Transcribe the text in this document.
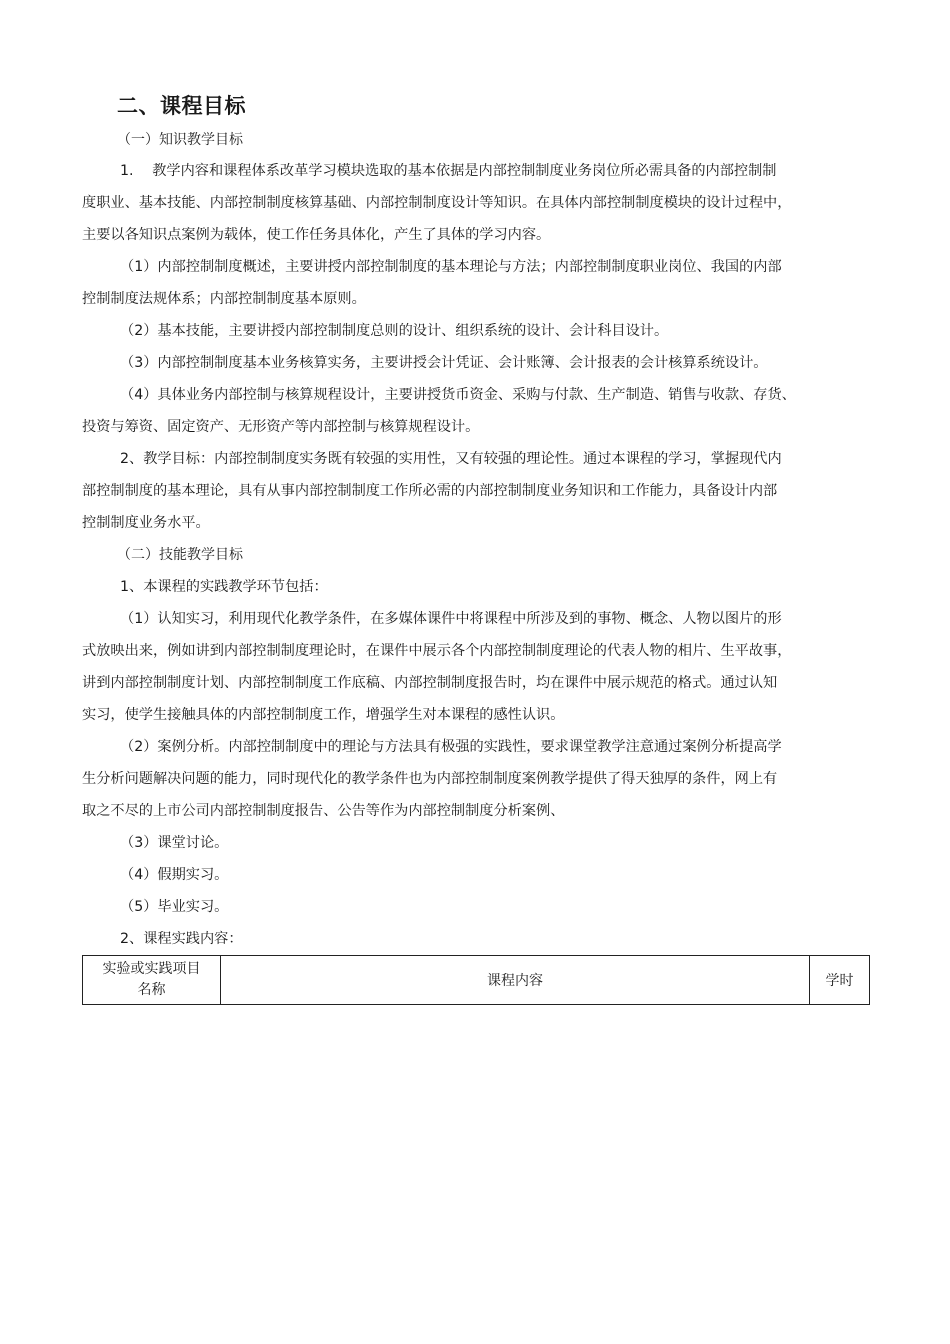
二、课程目标
（一）知识教学目标
1.　 教学内容和课程体系改革学习模块选取的基本依据是内部控制制度业务岗位所必需具备的内部控制制
度职业、基本技能、内部控制制度核算基础、内部控制制度设计等知识。在具体内部控制制度模块的设计过程中，
主要以各知识点案例为载体，使工作任务具体化，产生了具体的学习内容。
（1）内部控制制度概述，主要讲授内部控制制度的基本理论与方法；内部控制制度职业岗位、我国的内部
控制制度法规体系；内部控制制度基本原则。
（2）基本技能，主要讲授内部控制制度总则的设计、组织系统的设计、会计科目设计。
（3）内部控制制度基本业务核算实务，主要讲授会计凭证、会计账簿、会计报表的会计核算系统设计。
（4）具体业务内部控制与核算规程设计，主要讲授货币资金、采购与付款、生产制造、销售与收款、存货、
投资与筹资、固定资产、无形资产等内部控制与核算规程设计。
2、教学目标：内部控制制度实务既有较强的实用性，又有较强的理论性。通过本课程的学习，掌握现代内
部控制制度的基本理论，具有从事内部控制制度工作所必需的内部控制制度业务知识和工作能力，具备设计内部
控制制度业务水平。
（二）技能教学目标
1、本课程的实践教学环节包括：
（1）认知实习，利用现代化教学条件，在多媒体课件中将课程中所涉及到的事物、概念、人物以图片的形
式放映出来，例如讲到内部控制制度理论时，在课件中展示各个内部控制制度理论的代表人物的相片、生平故事，
讲到内部控制制度计划、内部控制制度工作底稿、内部控制制度报告时，均在课件中展示规范的格式。通过认知
实习，使学生接触具体的内部控制制度工作，增强学生对本课程的感性认识。
（2）案例分析。内部控制制度中的理论与方法具有极强的实践性，要求课堂教学注意通过案例分析提高学
生分析问题解决问题的能力，同时现代化的教学条件也为内部控制制度案例教学提供了得天独厚的条件，网上有
取之不尽的上市公司内部控制制度报告、公告等作为内部控制制度分析案例、
（3）课堂讨论。
（4）假期实习。
（5）毕业实习。
2、课程实践内容：
实验或实践项目
名称
	课程内容	学时
